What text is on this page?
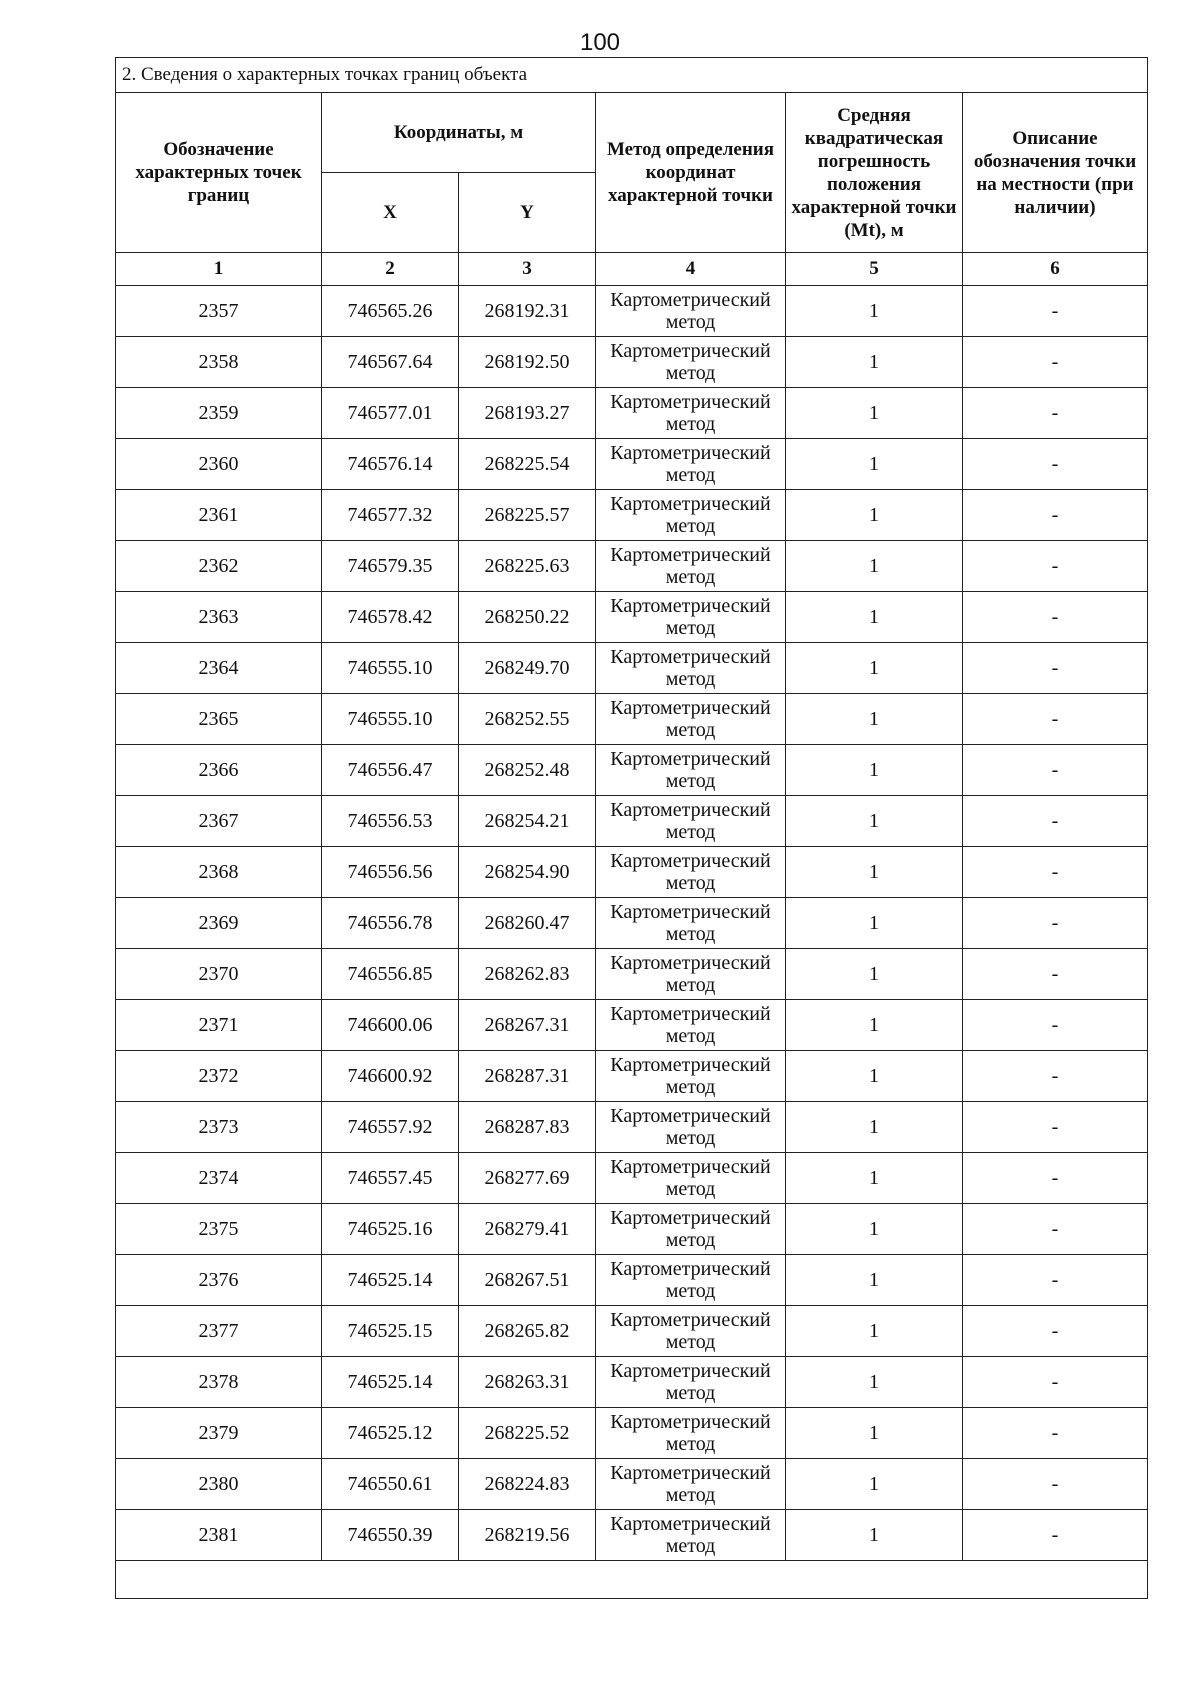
100
2. Сведения о характерных точках границ объекта					
Обозначение характерных точек границ	Координаты, м		Метод определения координат характерной точки	Средняя квадратическая погрешность положения характерной точки (Mt), м	Описание обозначения точки на местности (при наличии)
	X	Y			
1	2	3	4	5	6
2357	746565.26	268192.31	Картометрический метод	1	-
2358	746567.64	268192.50	Картометрический метод	1	-
2359	746577.01	268193.27	Картометрический метод	1	-
2360	746576.14	268225.54	Картометрический метод	1	-
2361	746577.32	268225.57	Картометрический метод	1	-
2362	746579.35	268225.63	Картометрический метод	1	-
2363	746578.42	268250.22	Картометрический метод	1	-
2364	746555.10	268249.70	Картометрический метод	1	-
2365	746555.10	268252.55	Картометрический метод	1	-
2366	746556.47	268252.48	Картометрический метод	1	-
2367	746556.53	268254.21	Картометрический метод	1	-
2368	746556.56	268254.90	Картометрический метод	1	-
2369	746556.78	268260.47	Картометрический метод	1	-
2370	746556.85	268262.83	Картометрический метод	1	-
2371	746600.06	268267.31	Картометрический метод	1	-
2372	746600.92	268287.31	Картометрический метод	1	-
2373	746557.92	268287.83	Картометрический метод	1	-
2374	746557.45	268277.69	Картометрический метод	1	-
2375	746525.16	268279.41	Картометрический метод	1	-
2376	746525.14	268267.51	Картометрический метод	1	-
2377	746525.15	268265.82	Картометрический метод	1	-
2378	746525.14	268263.31	Картометрический метод	1	-
2379	746525.12	268225.52	Картометрический метод	1	-
2380	746550.61	268224.83	Картометрический метод	1	-
2381	746550.39	268219.56	Картометрический метод	1	-
